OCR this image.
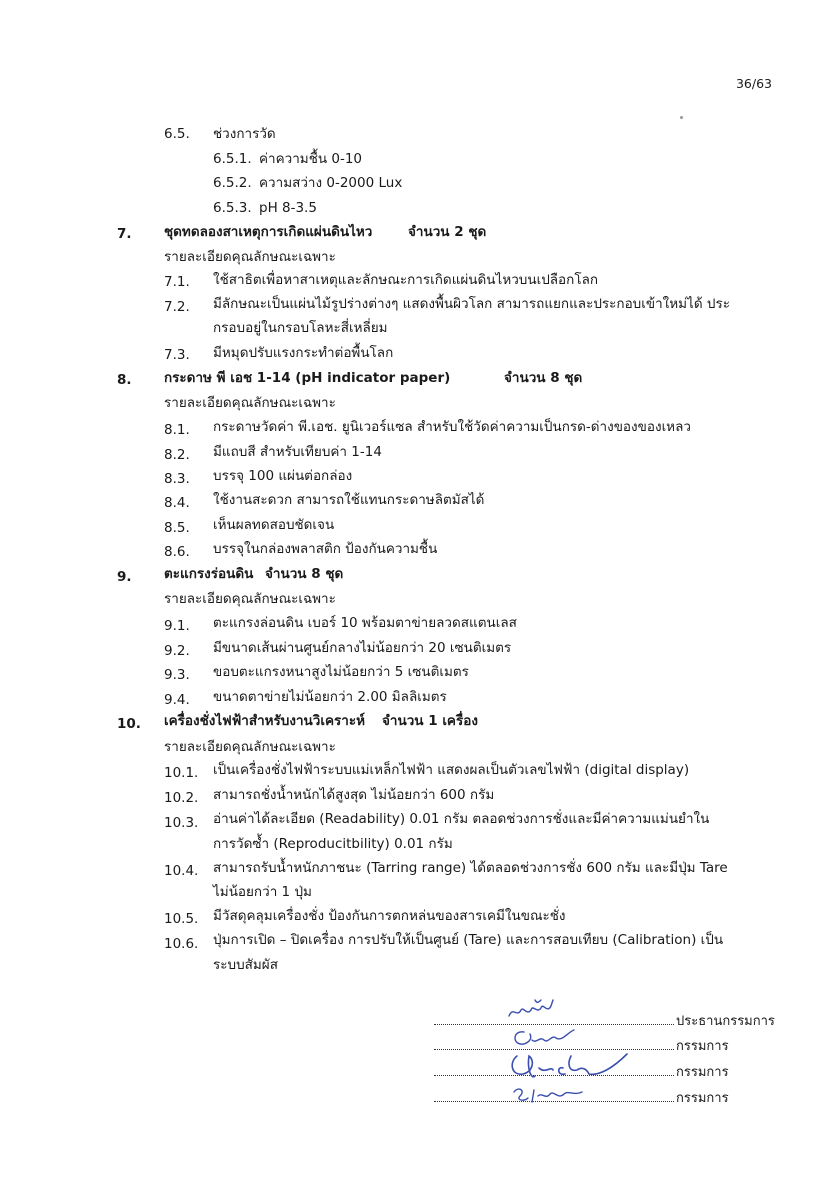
36/63
6.5. ช่วงการวัด
6.5.1. ค่าความชื้น 0-10
6.5.2. ความสว่าง 0-2000 Lux
6.5.3. pH 8-3.5
7. ชุดทดลองสาเหตุการเกิดแผ่นดินไหว	จำนวน 2 ชุด
รายละเอียดคุณลักษณะเฉพาะ
7.1. ใช้สาธิตเพื่อหาสาเหตุและลักษณะการเกิดแผ่นดินไหวบนเปลือกโลก
7.2. มีลักษณะเป็นแผ่นไม้รูปร่างต่างๆ แสดงพื้นผิวโลก สามารถแยกและประกอบเข้าใหม่ได้ ประ
กรอบอยู่ในกรอบโลหะสี่เหลี่ยม
7.3. มีหมุดปรับแรงกระทำต่อพื้นโลก
8. กระดาษ พี เอช 1-14 (pH indicator paper)	จำนวน 8 ชุด
รายละเอียดคุณลักษณะเฉพาะ
8.1. กระดาษวัดค่า พี.เอช. ยูนิเวอร์แซล สำหรับใช้วัดค่าความเป็นกรด-ด่างของของเหลว
8.2. มีแถบสี สำหรับเทียบค่า 1-14
8.3. บรรจุ 100 แผ่นต่อกล่อง
8.4. ใช้งานสะดวก สามารถใช้แทนกระดาษลิตมัสได้
8.5. เห็นผลทดสอบชัดเจน
8.6. บรรจุในกล่องพลาสติก ป้องกันความชื้น
9. ตะแกรงร่อนดิน จำนวน 8 ชุด
รายละเอียดคุณลักษณะเฉพาะ
9.1. ตะแกรงล่อนดิน เบอร์ 10 พร้อมตาข่ายลวดสแตนเลส
9.2. มีขนาดเส้นผ่านศูนย์กลางไม่น้อยกว่า 20 เซนติเมตร
9.3. ขอบตะแกรงหนาสูงไม่น้อยกว่า 5 เซนติเมตร
9.4. ขนาดตาข่ายไม่น้อยกว่า 2.00 มิลลิเมตร
10. เครื่องชั่งไฟฟ้าสำหรับงานวิเคราะห์ จำนวน 1 เครื่อง
รายละเอียดคุณลักษณะเฉพาะ
10.1. เป็นเครื่องชั่งไฟฟ้าระบบแม่เหล็กไฟฟ้า แสดงผลเป็นตัวเลขไฟฟ้า (digital display)
10.2. สามารถชั่งน้ำหนักได้สูงสุด ไม่น้อยกว่า 600 กรัม
10.3. อ่านค่าได้ละเอียด (Readability) 0.01 กรัม ตลอดช่วงการชั่งและมีค่าความแม่นยำใน
การวัดซ้ำ (Reproducitbility) 0.01 กรัม
10.4. สามารถรับน้ำหนักภาชนะ (Tarring range) ได้ตลอดช่วงการชั่ง 600 กรัม และมีปุ่ม Tare
ไม่น้อยกว่า 1 ปุ่ม
10.5. มีวัสดุคลุมเครื่องชั่ง ป้องกันการตกหล่นของสารเคมีในขณะชั่ง
10.6. ปุ่มการเปิด – ปิดเครื่อง การปรับให้เป็นศูนย์ (Tare) และการสอบเทียบ (Calibration) เป็น
ระบบสัมผัส
ประธานกรรมการ
กรรมการ
กรรมการ
กรรมการ
